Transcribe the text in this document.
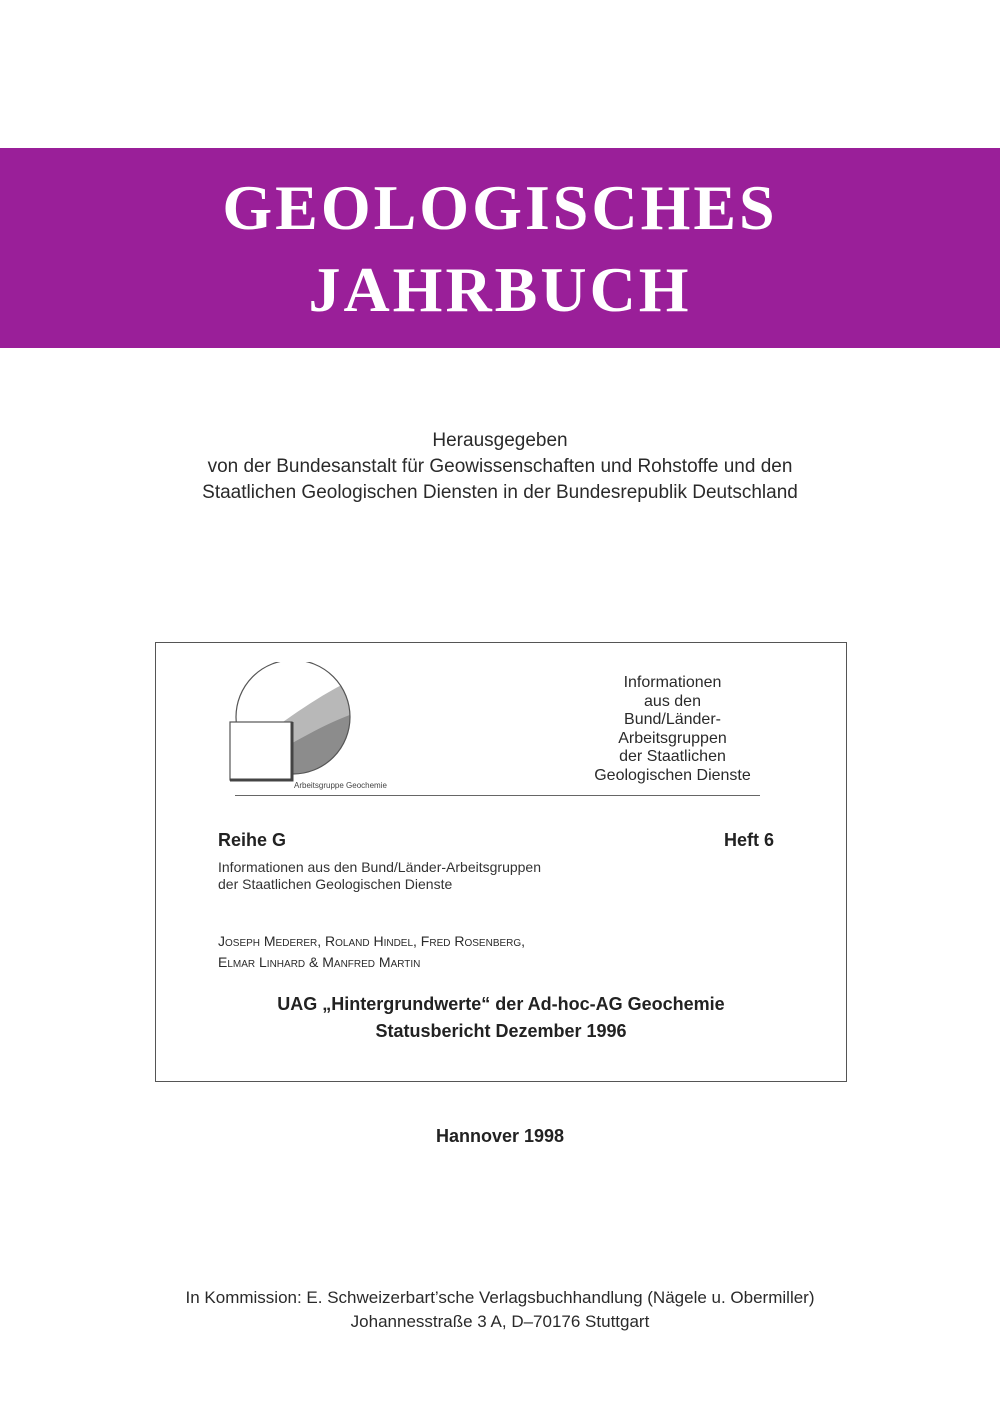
GEOLOGISCHES
JAHRBUCH
Herausgegeben
von der Bundesanstalt für Geowissenschaften und Rohstoffe und den
Staatlichen Geologischen Diensten in der Bundesrepublik Deutschland
Arbeitsgruppe Geochemie
Informationen
aus den
Bund/Länder-
Arbeitsgruppen
der Staatlichen
Geologischen Dienste
Reihe G	Heft 6
Informationen aus den Bund/Länder-Arbeitsgruppen
der Staatlichen Geologischen Dienste
Joseph Mederer, Roland Hindel, Fred Rosenberg,
Elmar Linhard & Manfred Martin
UAG „Hintergrundwerte“ der Ad-hoc-AG Geochemie
Statusbericht Dezember 1996
Hannover 1998
In Kommission: E. Schweizerbart’sche Verlagsbuchhandlung (Nägele u. Obermiller)
Johannesstraße 3 A, D–70176 Stuttgart
